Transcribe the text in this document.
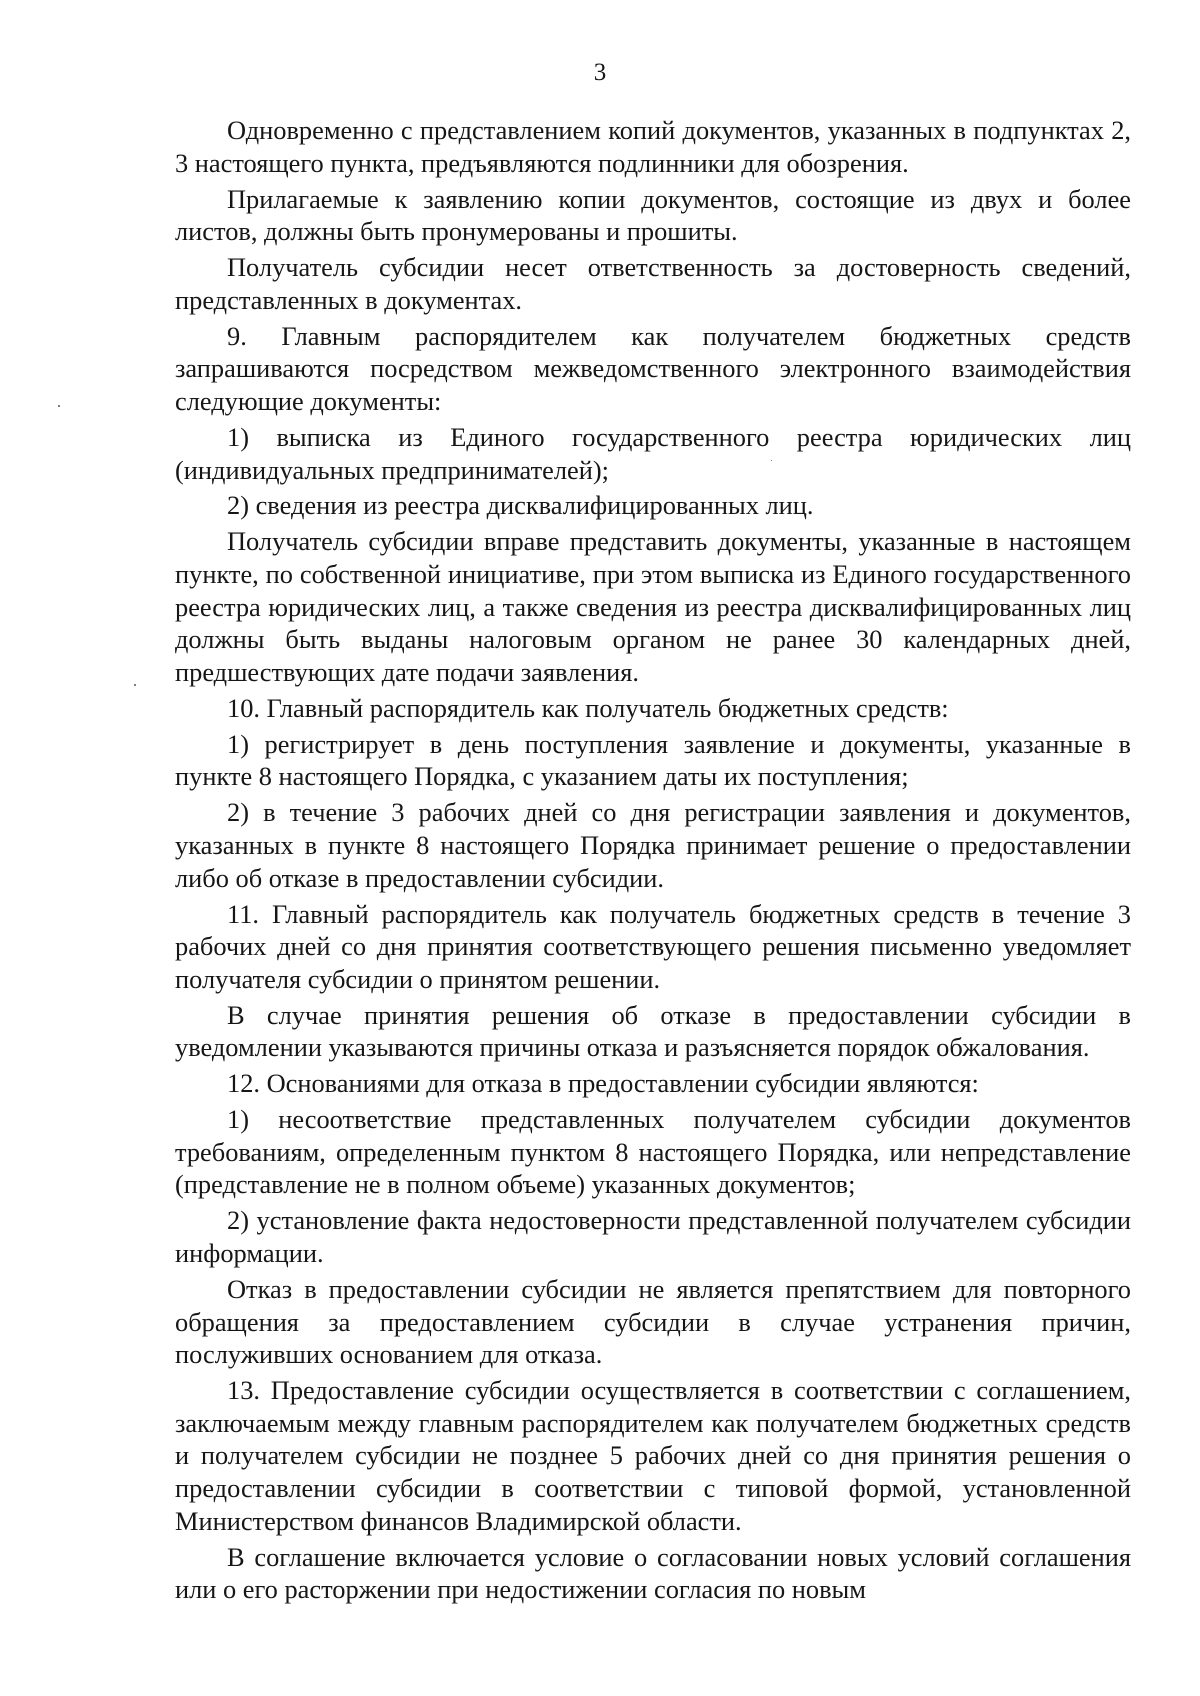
3

Одновременно с представлением копий документов, указанных в подпунктах 2, 3 настоящего пункта, предъявляются подлинники для обозрения.

Прилагаемые к заявлению копии документов, состоящие из двух и более листов, должны быть пронумерованы и прошиты.

Получатель субсидии несет ответственность за достоверность сведений, представленных в документах.

9. Главным распорядителем как получателем бюджетных средств запрашиваются посредством межведомственного электронного взаимодействия следующие документы:

1) выписка из Единого государственного реестра юридических лиц (индивидуальных предпринимателей);

2) сведения из реестра дисквалифицированных лиц.

Получатель субсидии вправе представить документы, указанные в настоящем пункте, по собственной инициативе, при этом выписка из Единого государственного реестра юридических лиц, а также сведения из реестра дисквалифицированных лиц должны быть выданы налоговым органом не ранее 30 календарных дней, предшествующих дате подачи заявления.

10. Главный распорядитель как получатель бюджетных средств:

1) регистрирует в день поступления заявление и документы, указанные в пункте 8 настоящего Порядка, с указанием даты их поступления;

2) в течение 3 рабочих дней со дня регистрации заявления и документов, указанных в пункте 8 настоящего Порядка принимает решение о предоставлении либо об отказе в предоставлении субсидии.

11. Главный распорядитель как получатель бюджетных средств в течение 3 рабочих дней со дня принятия соответствующего решения письменно уведомляет получателя субсидии о принятом решении.

В случае принятия решения об отказе в предоставлении субсидии в уведомлении указываются причины отказа и разъясняется порядок обжалования.

12. Основаниями для отказа в предоставлении субсидии являются:

1) несоответствие представленных получателем субсидии документов требованиям, определенным пунктом 8 настоящего Порядка, или непредставление (представление не в полном объеме) указанных документов;

2) установление факта недостоверности представленной получателем субсидии информации.

Отказ в предоставлении субсидии не является препятствием для повторного обращения за предоставлением субсидии в случае устранения причин, послуживших основанием для отказа.

13. Предоставление субсидии осуществляется в соответствии с соглашением, заключаемым между главным распорядителем как получателем бюджетных средств и получателем субсидии не позднее 5 рабочих дней со дня принятия решения о предоставлении субсидии в соответствии с типовой формой, установленной Министерством финансов Владимирской области.

В соглашение включается условие о согласовании новых условий соглашения или о его расторжении при недостижении согласия по новым
